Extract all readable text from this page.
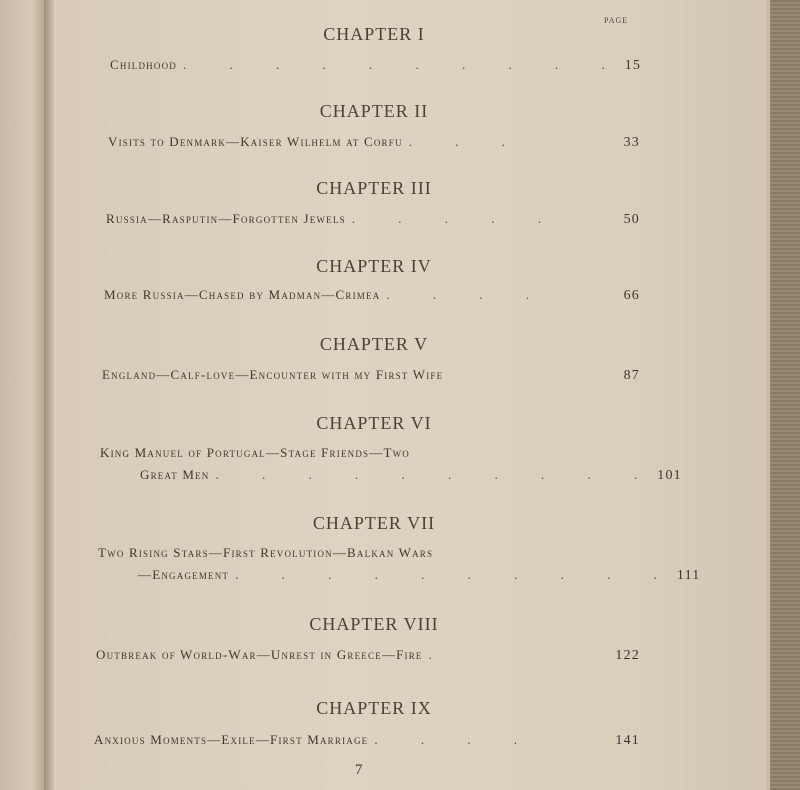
PAGE
CHAPTER I
Childhood . . . . . . . . . . 15
CHAPTER II
Visits to Denmark—Kaiser Wilhelm at Corfu . . .	33
CHAPTER III
Russia—Rasputin—Forgotten Jewels . . . . .	50
CHAPTER IV
More Russia—Chased by Madman—Crimea . . . .	66
CHAPTER V
England—Calf-love—Encounter with my First Wife	87
CHAPTER VI
King Manuel of Portugal—Stage Friends—Two
Great Men . . . . . . . . . . 101
CHAPTER VII
Two Rising Stars—First Revolution—Balkan Wars
—Engagement . . . . . . . . . . 111
CHAPTER VIII
Outbreak of World-War—Unrest in Greece—Fire .	122
CHAPTER IX
Anxious Moments—Exile—First Marriage . . . .	141
7
